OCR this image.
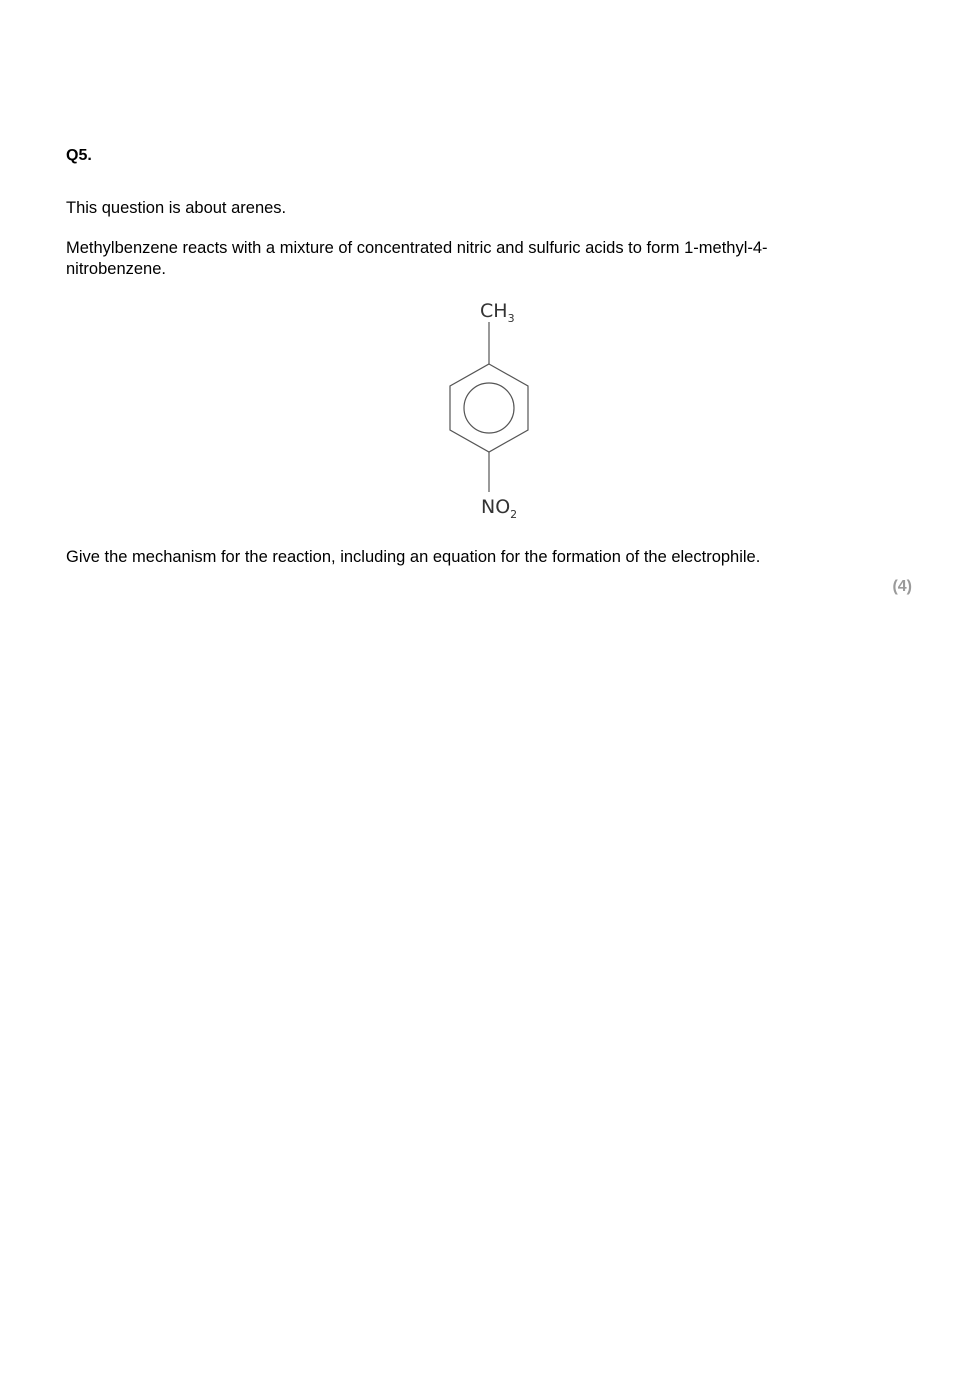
Q5.
This question is about arenes.
Methylbenzene reacts with a mixture of concentrated nitric and sulfuric acids to form 1-methyl-4-nitrobenzene.
$CH_3$
$NO_2$
Give the mechanism for the reaction, including an equation for the formation of the electrophile.
(4)
